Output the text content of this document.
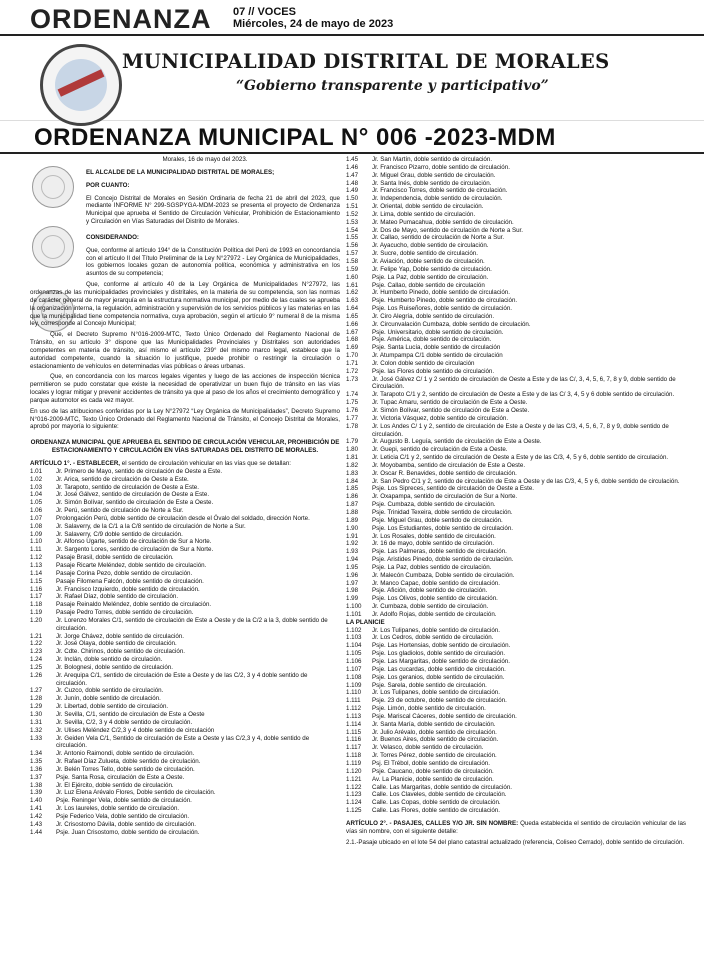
ORDENANZA 07 // VOCES
Miércoles, 24 de mayo de 2023
MUNICIPALIDAD DISTRITAL DE MORALES
“Gobierno transparente y participativo”
ORDENANZA MUNICIPAL N° 006 -2023-MDM
Morales, 16 de mayo del 2023.
EL ALCALDE DE LA MUNICIPALIDAD DISTRITAL DE MORALES;
POR CUANTO:

El Concejo Distrital de Morales en Sesión Ordinaria de fecha 21 de abril del 2023, que mediante INFORME N° 299-SGSPYGA-MDM-2023 se presenta el proyecto de Ordenanza Municipal que aprueba el Sentido de Circulación Vehicular, Prohibición de Estacionamiento y Circulación en Vías Saturadas del Distrito de Morales.

CONSIDERANDO:

Que, conforme al artículo 194° de la Constitución Política del Perú de 1993 en concordancia con el artículo II del Título Preliminar de la Ley N°27972 - Ley Orgánica de Municipalidades, los gobiernos locales gozan de autonomía política, económica y administrativa en los asuntos de su competencia;

Que, conforme al artículo 40 de la Ley Orgánica de Municipalidades N°27972, las ordenanzas de las municipalidades provinciales y distritales, en la materia de su competencia, son las normas de carácter general de mayor jerarquía en la estructura normativa municipal, por medio de las cuales se aprueba la organización interna, la regulación, administración y supervisión de los servicios públicos y las materias en las que la municipalidad tiene competencia normativa, cuya aprobación, según el artículo 9° numeral 8 de la misma ley, corresponde al Concejo Municipal;

Que, el Decreto Supremo N°016-2009-MTC, Texto Único Ordenado del Reglamento Nacional de Tránsito, en su artículo 3° dispone que las Municipalidades Provinciales y Distritales son autoridades competentes en materia de tránsito, así mismo el artículo 239° del mismo marco legal, establece que la autoridad competente, cuando la situación lo justifique, puede prohibir o restringir la circulación o estacionamiento de vehículos en determinadas vías públicas o áreas urbanas.

Que, en concordancia con los marcos legales vigentes y luego de las acciones de inspección técnica permitieron se pudo constatar que existe la necesidad de operativizar un buen flujo de tránsito en las vías locales y lograr mitigar y prevenir accidentes de tránsito ya que al paso de los años el crecimiento demográfico y parque automotor es cada vez mayor.

En uso de las atribuciones conferidas por la Ley N°27972 “Ley Orgánica de Municipalidades”, Decreto Supremo N°016-2009-MTC, Texto Único Ordenado del Reglamento Nacional de Tránsito, el Concejo Distrital de Morales, aprobó por mayoría lo siguiente:

ORDENANZA MUNICIPAL QUE APRUEBA EL SENTIDO DE CIRCULACIÓN VEHICULAR, PROHIBICIÓN DE ESTACIONAMIENTO Y CIRCULACIÓN EN VÍAS SATURADAS DEL DISTRITO DE MORALES.
ARTÍCULO 1°. - ESTABLECER, el sentido de circulación vehicular en las vías que se detallan:
1.01	Jr. Primero de Mayo, sentido de circulación de Oeste a Este.
1.02	Jr. Arica, sentido de circulación de Oeste a Este.
1.03	Jr. Tarapoto, sentido de circulación de Oeste a Este.
1.04	Jr. José Gálvez, sentido de circulación de Oeste a Este.
1.05	Jr. Simón Bolívar, sentido de circulación de Este a Oeste.
1.06	Jr. Perú, sentido de circulación de Norte a Sur.
1.07	Prolongación Perú, doble sentido de circulación desde el Óvalo del soldado, dirección Norte.
1.08	Jr. Salaverry, de la C/1 a la C/8 sentido de circulación de Norte a Sur.
1.09	Jr. Salaverry, C/9 doble sentido de circulación.
1.10	Jr. Alfonso Ugarte, sentido de circulación de Sur a Norte.
1.11	Jr. Sargento Lores, sentido de circulación de Sur a Norte.
1.12	Pasaje Brasil, doble sentido de circulación.
1.13	Pasaje Ricarte Meléndez, doble sentido de circulación.
1.14	Pasaje Corina Pezo, doble sentido de circulación.
1.15	Pasaje Filomena Falcón, doble sentido de circulación.
1.16	Jr. Francisco Izquierdo, doble sentido de circulación.
1.17	Jr. Rafael Díaz, doble sentido de circulación.
1.18	Pasaje Reinaldo Meléndez, doble sentido de circulación.
1.19	Pasaje Pedro Torres, doble sentido de circulación.
1.20	Jr. Lorenzo Morales C/1, sentido de circulación de Este a Oeste y de la C/2 a la 3, doble sentido de circulación.
1.21	Jr. Jorge Chávez, doble sentido de circulación.
1.22	Jr. José Olaya, doble sentido de circulación.
1.23	Jr. Cdte. Chirinos, doble sentido de circulación.
1.24	Jr. Inclán, doble sentido de circulación.
1.25	Jr. Bolognesi, doble sentido de circulación.
1.26	Jr. Arequipa C/1, sentido de circulación de Este a Oeste y de las C/2, 3 y 4 doble sentido de circulación.
1.27	Jr. Cuzco, doble sentido de circulación.
1.28	Jr. Junín, doble sentido de circulación.
1.29	Jr. Libertad, doble sentido de circulación.
1.30	Jr. Sevilla, C/1, sentido de circulación de Este a Oeste
1.31	Jr. Sevilla, C/2, 3 y 4 doble sentido de circulación.
1.32	Jr. Ulises Meléndez C/2,3 y 4 doble sentido de circulación
1.33	Jr. Geiden Vela C/1, Sentido de circulación de Este a Oeste y las C/2,3 y 4, doble sentido de circulación.
1.34	Jr. Antonio Raimondi, doble sentido de circulación.
1.35	Jr. Rafael Díaz Zulueta, doble sentido de circulación.
1.36	Jr. Belén Torres Tello, doble sentido de circulación.
1.37	Psje. Santa Rosa, circulación de Este a Oeste.
1.38	Jr. El Ejército, doble sentido de circulación.
1.39	Jr. Luz Elena Arévalo Flores, Doble sentido de circulación.
1.40	Psje. Reninger Vela, doble sentido de circulación.
1.41	Jr. Los laureles, doble sentido de circulación.
1.42	Psje Federico Vela, doble sentido de circulación.
1.43	Jr. Crisostomo Dávila, doble sentido de circulación.
1.44	Psje. Juan Crisostomo, doble sentido de circulación.
1.45	Jr. San Martín, doble sentido de circulación.
1.46	Jr. Francisco Pizarro, doble sentido de circulación.
1.47	Jr. Miguel Grau, doble sentido de circulación.
1.48	Jr. Santa Inés, doble sentido de circulación.
1.49	Jr. Francisco Torres, doble sentido de circulación.
1.50	Jr. Independencia, doble sentido de circulación.
1.51	Jr. Oriental, doble sentido de circulación.
1.52	Jr. Lima, doble sentido de circulación.
1.53	Jr. Mateo Pumacahua, doble sentido de circulación.
1.54	Jr. Dos de Mayo, sentido de circulación de Norte a Sur.
1.55	Jr. Callao, sentido de circulación de Norte a Sur.
1.56	Jr. Ayacucho, doble sentido de circulación.
1.57	Jr. Sucre, doble sentido de circulación.
1.58	Jr. Aviación, doble sentido de circulación.
1.59	Jr. Felipe Yap, Doble sentido de circulación.
1.60	Psje. La Paz, doble sentido de circulación.
1.61	Psje. Callao, doble sentido de circulación
1.62	Jr. Humberto Pinedo, doble sentido de circulación.
1.63	Psje. Humberto Pinedo, doble sentido de circulación.
1.64	Psje. Los Ruiseñores, doble sentido de circulación.
1.65	Jr. Ciro Alegría, doble sentido de circulación.
1.66	Jr. Circunvalación Cumbaza, doble sentido de circulación.
1.67	Psje. Universitario, doble sentido de circulación.
1.68	Psje. América, doble sentido de circulación.
1.69	Psje. Santa Lucía, doble sentido de circulación
1.70	Jr. Atumpampa C/1 doble sentido de circulación
1.71	Jr. Colon doble sentido de circulación
1.72	Psje. las Flores doble sentido de circulación.
1.73	Jr. José Gálvez C/ 1 y 2 sentido de circulación de Oeste a Este y de las C/, 3, 4, 5, 6, 7, 8 y 9, doble sentido de Circulación.
1.74	Jr. Tarapoto C/1 y 2, sentido de circulación de Oeste a Este y de las C/ 3, 4, 5 y 6 doble sentido de circulación.
1.75	Jr. Tupac Amaru, sentido de circulación de Este a Oeste.
1.76	Jr. Simón Bolívar, sentido de circulación de Este a Oeste.
1.77	Jr. Victoria Vásquez, doble sentido de circulación.
1.78	Jr. Los Andes C/ 1 y 2, sentido de circulación de Este a Oeste y de las C/3, 4, 5, 6, 7, 8 y 9, doble sentido de circulación.
1.79	Jr. Augusto B. Leguía, sentido de circulación de Este a Oeste.
1.80	Jr. Guepi, sentido de circulación de Este a Oeste.
1.81	Jr. Leticia C/1 y 2, sentido de circulación de Oeste a Este y de las C/3, 4, 5 y 6, doble sentido de circulación.
1.82	Jr. Moyobamba, sentido de circulación de Este a Oeste.
1.83	Jr. Oscar R. Benavides, doble sentido de circulación.
1.84	Jr. San Pedro C/1 y 2, sentido de circulación de Este a Oeste y de las C/3, 4, 5 y 6, doble sentido de circulación.
1.85	Psje. Los Sipreces, sentido de circulación de Oeste a Este.
1.86	Jr. Oxapampa, sentido de circulación de Sur a Norte.
1.87	Psje. Cumbaza, doble sentido de circulación.
1.88	Psje. Trinidad Texeira, doble sentido de circulación.
1.89	Psje. Miguel Grau, doble sentido de circulación.
1.90	Psje. Los Estudiantes, doble sentido de circulación.
1.91	Jr. Los Rosales, doble sentido de circulación.
1.92	Jr. 16 de mayo, doble sentido de circulación.
1.93	Psje. Las Palmeras, doble sentido de circulación.
1.94	Psje. Aristides Pinedo, doble sentido de circulación.
1.95	Psje. La Paz, dobles sentido de circulación.
1.96	Jr. Malecón Cumbaza, Doble sentido de circulación.
1.97	Jr. Manco Capac, doble sentido de circulación.
1.98	Psje. Afición, doble sentido de circulación.
1.99	Psje. Los Olivos, doble sentido de circulación.
1.100	Jr. Cumbaza, doble sentido de circulación.
1.101	Jr. Adolfo Rojas, doble sentido de circulación.
LA PLANICIE
1.102	Jr. Los Tulipanes, doble sentido de circulación.
1.103	Jr. Los Cedros, doble sentido de circulación.
1.104	Psje. Las Hortensias, doble sentido de circulación.
1.105	Psje. Los gladiolos, doble sentido de circulación.
1.106	Psje. Las Margaritas, doble sentido de circulación.
1.107	Psje. Las cucardas, doble sentido de circulación.
1.108	Psje. Los geranios, doble sentido de circulación.
1.109	Psje. Sarela, doble sentido de circulación.
1.110	Jr. Los Tulipanes, doble sentido de circulación.
1.111	Psje. 23 de octubre, doble sentido de circulación.
1.112	Psje. Limón, doble sentido de circulación.
1.113	Psje. Mariscal Cáceres, doble sentido de circulación.
1.114	Jr. Santa María, doble sentido de circulación.
1.115	Jr. Julio Arévalo, doble sentido de circulación.
1.116	Jr. Buenos Aires, doble sentido de circulación.
1.117	Jr. Velasco, doble sentido de circulación.
1.118	Jr. Torres Pérez, doble sentido de circulación.
1.119	Psj. El Trébol, doble sentido de circulación.
1.120	Psje. Caucano, doble sentido de circulación.
1.121	Av. La Planicie, doble sentido de circulación.
1.122	Calle. Las Margaritas, doble sentido de circulación.
1.123	Calle. Los Claveles, doble sentido de circulación.
1.124	Calle. Las Copas, doble sentido de circulación.
1.125	Calle. Las Flores, doble sentido de circulación.

ARTÍCULO 2°. - PASAJES, CALLES Y/O JR. SIN NOMBRE: Queda establecida el sentido de circulación vehicular de las vías sin nombre, con el siguiente detalle:

2.1.-Pasaje ubicado en el lote 54 del plano catastral actualizado (referencia, Coliseo Cerrado), doble sentido de circulación.
